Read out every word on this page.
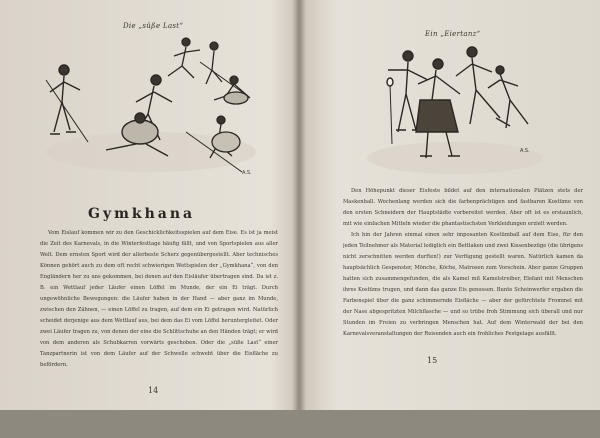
Die „süße Last“
A.S.
Gymkhana

Vom Eislauf kommen wir zu den Geschicklichkeitsspielen auf dem Eise. Es ist ja meist die Zeit des Karnevals, in die Winterfesttage häufig fällt, und von Sportspielen aus aller Welt. Dem ernsten Sport wird der allerbeste Scherz gegenübergestellt. Aber technisches Können gehört auch zu dem oft recht schwierigen Wettspielen der „Gymkhana“, von den Engländern her zu uns gekommen, bei denen auf den Eisläufer übertragen sind. Da ist z. B. ein Wettlauf jeder Läufer einen Löffel im Munde, der ein Ei trägt. Durch ungewöhnliche Bewegungen: die Läufer haben in der Hand — aber ganz im Munde, zwischen den Zähnen, — einen Löffel zu tragen, auf dem ein Ei getragen wird. Natürlich scheidet derjenige aus dem Wettlauf aus, bei dem das Ei vom Löffel heruntergleitet. Oder zwei Läufer tragen zu, von denen der eine die Schlittschuhe an den Händen trägt; er wird von dem anderen als Schubkarren vorwärts geschoben. Oder die „süße Last“ einer Tanzpartnerin ist von dem Läufer auf der Schwelle schwebt über die Eisfläche zu befördern.

14
Ein „Eiertanz“
A.S.

Den Höhepunkt dieser Eisfeste bildet auf den internationalen Plätzen stets der Maskenball. Wochenlang werden sich die farbenprächtigen und fastbaren Kostüme von den ersten Schneidern der Hauptstädte vorbereitet werden. Aber oft ist es erstaunlich, mit wie einfachen Mitteln wieder die phantastischsten Verkleidungen erzielt werden.

Ich bin der Jahren einmal einen sehr imposanten Kostümball auf dem Eise, für den jeden Teilnehmer als Material lediglich ein Bettlaken und zwei Kissenbezüge (die übrigens nicht zerschnitten werden durften!) zur Verfügung gestellt waren. Natürlich kamen da hauptsächlich Gespenster, Mönche, Köche, Matrosen zum Vorschein. Aber ganze Gruppen hatten sich zusammengefunden, die als Kamel mit Kamelstreiber, Elefant mit Menschen ihres Kostüms trugen, und dann das ganze Eis genossen. Bunte Scheinwerfer ergaben die Farbenspiel über die ganz schimmernde Eisfläche — aber der gefürchtete Frommel mit der Nase abgespritzten Milchflasche — und so trübe froh Stimmung sich überall und nur Stunden im Freien zu verbringen Menschen hat. Auf dem Winterwald der bei den Karnevalsveranstaltungen der Reisenden auch ein frohliches Festgelage ausfällt.

15
